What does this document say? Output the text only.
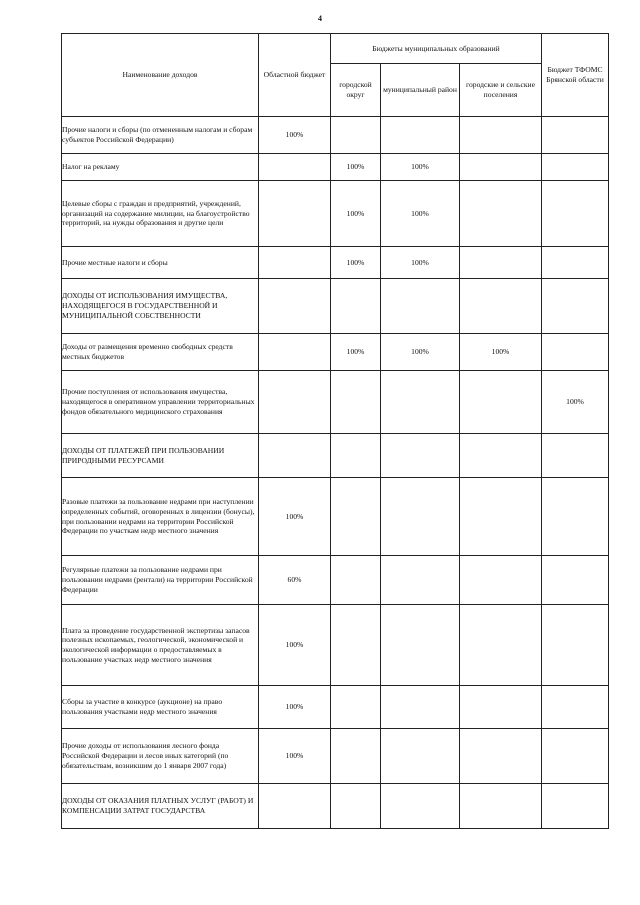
4
Наименование доходов	Областной бюджет	Бюджеты муниципальных образований			Бюджет ТФОМС Брянской области
		городской округ	муниципальный район	городские и сельские поселения	
Прочие налоги и сборы (по отмененным налогам и сборам субъектов Российской Федерации)	100%				
Налог на рекламу		100%	100%		
Целевые сборы с граждан и предприятий, учреждений, организаций на содержание милиции, на благоустройство территорий, на нужды образования и другие цели		100%	100%		
Прочие местные налоги и сборы		100%	100%		
ДОХОДЫ ОТ ИСПОЛЬЗОВАНИЯ ИМУЩЕСТВА, НАХОДЯЩЕГОСЯ В ГОСУДАРСТВЕННОЙ И МУНИЦИПАЛЬНОЙ СОБСТВЕННОСТИ					
Доходы от размещения временно свободных средств местных бюджетов		100%	100%	100%	
Прочие поступления от использования имущества, находящегося в оперативном управлении территориальных фондов обязательного медицинского страхования					100%
ДОХОДЫ ОТ ПЛАТЕЖЕЙ ПРИ ПОЛЬЗОВАНИИ ПРИРОДНЫМИ РЕСУРСАМИ					
Разовые платежи за пользование недрами при наступлении определенных событий, оговоренных в лицензии (бонусы), при пользовании недрами на территории Российской Федерации по участкам недр местного значения	100%				
Регулярные платежи за пользование недрами при пользовании недрами (рентали) на территории Российской Федерации	60%				
Плата за проведение государственной экспертизы запасов полезных ископаемых, геологической, экономической и экологической информации о предоставляемых в пользование участках недр местного значения	100%				
Сборы за участие в конкурсе (аукционе) на право пользования участками недр местного значения	100%				
Прочие доходы от использования лесного фонда Российской Федерации и лесов иных категорий (по обязательствам, возникшим до 1 января 2007 года)	100%				
ДОХОДЫ ОТ ОКАЗАНИЯ ПЛАТНЫХ УСЛУГ (РАБОТ) И КОМПЕНСАЦИИ ЗАТРАТ ГОСУДАРСТВА					
